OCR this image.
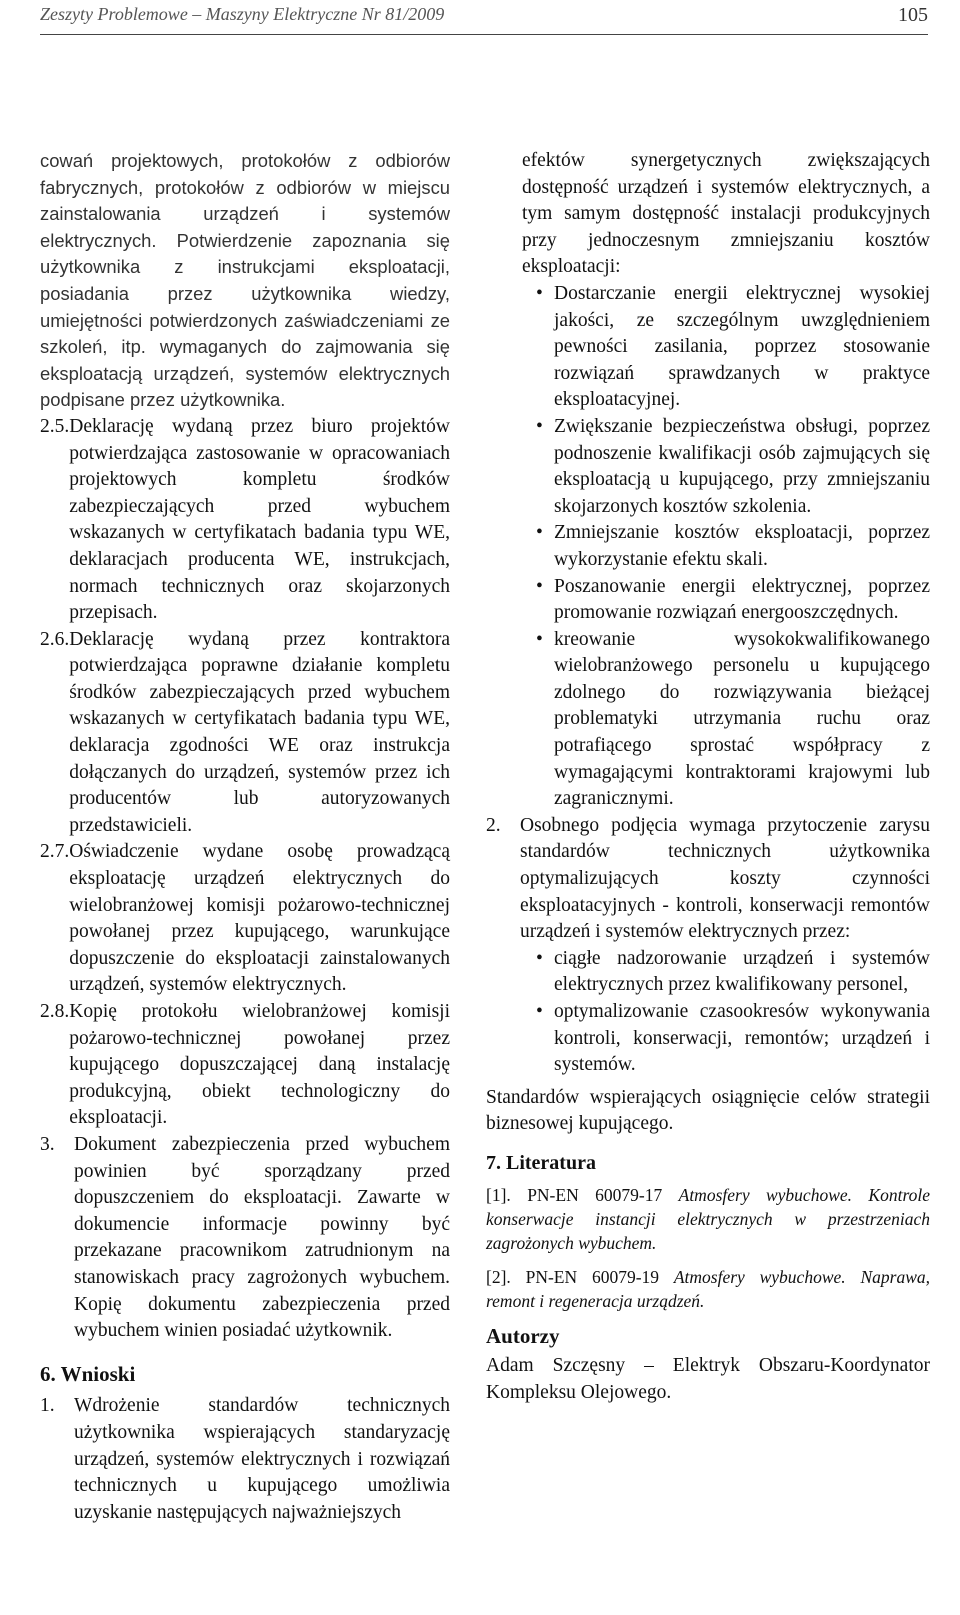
Zeszyty Problemowe – Maszyny Elektryczne Nr 81/2009	105
cowań projektowych, protokołów z odbiorów fabrycznych, protokołów z odbiorów w miejscu zainstalowania urządzeń i systemów elektrycznych. Potwierdzenie zapoznania się użytkownika z instrukcjami eksploatacji, posiadania przez użytkownika wiedzy, umiejętności potwierdzonych zaświadczeniami ze szkoleń, itp. wymaganych do zajmowania się eksploatacją urządzeń, systemów elektrycznych podpisane przez użytkownika.
2.5. Deklarację wydaną przez biuro projektów potwierdzająca zastosowanie w opracowaniach projektowych kompletu środków zabezpieczających przed wybuchem wskazanych w certyfikatach badania typu WE, deklaracjach producenta WE, instrukcjach, normach technicznych oraz skojarzonych przepisach.
2.6. Deklarację wydaną przez kontraktora potwierdzająca poprawne działanie kompletu środków zabezpieczających przed wybuchem wskazanych w certyfikatach badania typu WE, deklaracja zgodności WE oraz instrukcja dołączanych do urządzeń, systemów przez ich producentów lub autoryzowanych przedstawicieli.
2.7. Oświadczenie wydane osobę prowadzącą eksploatację urządzeń elektrycznych do wielobranżowej komisji pożarowo-technicznej powołanej przez kupującego, warunkujące dopuszczenie do eksploatacji zainstalowanych urządzeń, systemów elektrycznych.
2.8. Kopię protokołu wielobranżowej komisji pożarowo-technicznej powołanej przez kupującego dopuszczającej daną instalację produkcyjną, obiekt technologiczny do eksploatacji.
3. Dokument zabezpieczenia przed wybuchem powinien być sporządzany przed dopuszczeniem do eksploatacji. Zawarte w dokumencie informacje powinny być przekazane pracownikom zatrudnionym na stanowiskach pracy zagrożonych wybuchem. Kopię dokumentu zabezpieczenia przed wybuchem winien posiadać użytkownik.
6. Wnioski
1. Wdrożenie standardów technicznych użytkownika wspierających standaryzację urządzeń, systemów elektrycznych i rozwiązań technicznych u kupującego umożliwia uzyskanie następujących najważniejszych
efektów synergetycznych zwiększających dostępność urządzeń i systemów elektrycznych, a tym samym dostępność instalacji produkcyjnych przy jednoczesnym zmniejszaniu kosztów eksploatacji:
• Dostarczanie energii elektrycznej wysokiej jakości, ze szczególnym uwzględnieniem pewności zasilania, poprzez stosowanie rozwiązań sprawdzanych w praktyce eksploatacyjnej.
• Zwiększanie bezpieczeństwa obsługi, poprzez podnoszenie kwalifikacji osób zajmujących się eksploatacją u kupującego, przy zmniejszaniu skojarzonych kosztów szkolenia.
• Zmniejszanie kosztów eksploatacji, poprzez wykorzystanie efektu skali.
• Poszanowanie energii elektrycznej, poprzez promowanie rozwiązań energooszczędnych.
• kreowanie wysokokwalifikowanego wielobranżowego personelu u kupującego zdolnego do rozwiązywania bieżącej problematyki utrzymania ruchu oraz potrafiącego sprostać współpracy z wymagającymi kontraktorami krajowymi lub zagranicznymi.
2. Osobnego podjęcia wymaga przytoczenie zarysu standardów technicznych użytkownika optymalizujących koszty czynności eksploatacyjnych - kontroli, konserwacji remontów urządzeń i systemów elektrycznych przez:
• ciągłe nadzorowanie urządzeń i systemów elektrycznych przez kwalifikowany personel,
• optymalizowanie czasookresów wykonywania kontroli, konserwacji, remontów; urządzeń i systemów.
Standardów wspierających osiągnięcie celów strategii biznesowej kupującego.
7. Literatura
[1]. PN-EN 60079-17 Atmosfery wybuchowe. Kontrole konserwacje instancji elektrycznych w przestrzeniach zagrożonych wybuchem.
[2]. PN-EN 60079-19 Atmosfery wybuchowe. Naprawa, remont i regeneracja urządzeń.
Autorzy
Adam Szczęsny – Elektryk Obszaru-Koordynator Kompleksu Olejowego.
